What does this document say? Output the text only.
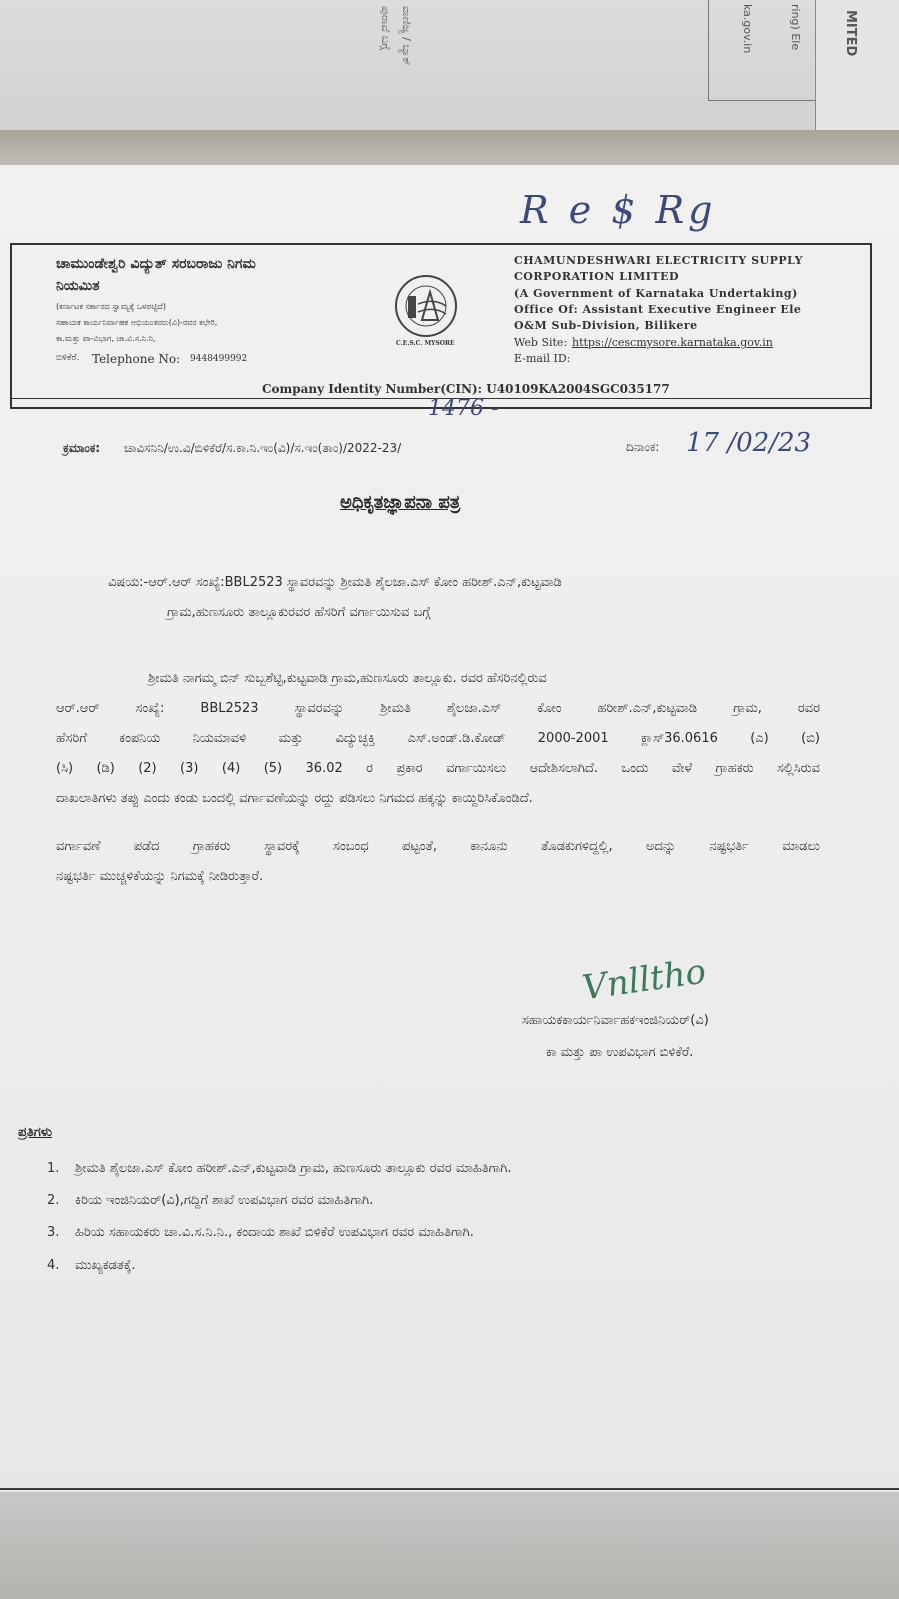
ವಾಣಿಜ್ಯ / ಬ್ಯಾಕ್
ಪುರಾವೆ ಬಗ್ಗೆ	ka.gov.in	ring) Ele	MITED
R e $ Rg
ಚಾಮುಂಡೇಶ್ವರಿ ವಿದ್ಯುತ್ ಸರಬರಾಜು ನಿಗಮ
ನಿಯಮಿತ
(ಕರ್ನಾಟಕ ಸರ್ಕಾರದ ಸ್ವಾಮ್ಯಕ್ಕೆ ಒಳಪಟ್ಟಿದೆ)
ಸಹಾಯಕ ಕಾರ್ಯನಿರ್ವಾಹಕ ಅಭಿಯಂತರರು(ವಿ)-ರವರ ಕಛೇರಿ,
ಕಾ.ಮತ್ತು ಪಾ-ವಿಭಾಗ, ಚಾ.ವಿ.ಸ.ನಿ.ನಿ,
ಬಿಳಿಕೆರೆ. Telephone No: 9448499992
C.E.S.C. MYSORE
CHAMUNDESHWARI ELECTRICITY SUPPLY
CORPORATION LIMITED
(A Government of Karnataka Undertaking)
Office Of: Assistant Executive Engineer Ele
O&M Sub-Division, Bilikere
Web Site: https://cescmysore.karnataka.gov.in
E-mail ID:
Company Identity Number(CIN): U40109KA2004SGC035177
1476 -
ಕ್ರಮಾಂಕ: ಚಾವಿಸನಿನಿ/ಉ.ವಿ/ಬಿಳಿಕೆರೆ/ಸ.ಕಾ.ನಿ.ಇಂ(ವಿ)/ಸ.ಇಂ(ತಾಂ)/2022-23/	ದಿನಾಂಕ: 17 /02/23
ಅಧಿಕೃತಜ್ಞಾಪನಾ ಪತ್ರ
ವಿಷಯ:-ಆರ್.ಆರ್ ಸಂಖ್ಯೆ:BBL2523 ಸ್ಥಾವರವನ್ನು ಶ್ರೀಮತಿ ಶೈಲಜಾ.ಎಸ್ ಕೋಂ ಹರೀಶ್.ಎನ್,ಕುಟ್ಟವಾಡಿ
ಗ್ರಾಮ,ಹುಣಸೂರು ತಾಲ್ಲೂಕುರವರ ಹೆಸರಿಗೆ ವರ್ಗಾಯಿಸುವ ಬಗ್ಗೆ
ಶ್ರೀಮತಿ ನಾಗಮ್ಮ ಬಿನ್ ಸುಬ್ಬಶೆಟ್ಟಿ,ಕುಟ್ಟವಾಡಿ ಗ್ರಾಮ,ಹುಣಸೂರು ತಾಲ್ಲೂಕು. ರವರ ಹೆಸರಿನಲ್ಲಿರುವ
ಆರ್.ಆರ್ ಸಂಖ್ಯೆ: BBL2523 ಸ್ಥಾವರವನ್ನು ಶ್ರೀಮತಿ ಶೈಲಜಾ.ಎಸ್ ಕೋಂ ಹರೀಶ್.ಎನ್,ಕುಟ್ಟವಾಡಿ ಗ್ರಾಮ, ರವರ
ಹೆಸರಿಗೆ ಕಂಪನಿಯ ನಿಯಮಾವಳಿ ಮತ್ತು ವಿದ್ಯುಚ್ಛಕ್ತಿ ಎಸ್.ಅಂಡ್.ಡಿ.ಕೋಡ್ 2000-2001 ಕ್ಲಾಸ್36.0616 (ಎ) (ಬಿ)
(ಸಿ) (ಡಿ) (2) (3) (4) (5) 36.02 ರ ಪ್ರಕಾರ ವರ್ಗಾಯಿಸಲು ಆದೇಶಿಸಲಾಗಿದೆ. ಒಂದು ವೇಳೆ ಗ್ರಾಹಕರು ಸಲ್ಲಿಸಿರುವ
ದಾಖಲಾತಿಗಳು ತಪ್ಪು ಎಂದು ಕಂಡು ಬಂದಲ್ಲಿ ವರ್ಗಾವಣೆಯನ್ನು ರದ್ದು ಪಡಿಸಲು ನಿಗಮದ ಹಕ್ಕನ್ನು ಕಾಯ್ದಿರಿಸಿಕೊಂಡಿದೆ.
ವರ್ಗಾವಣೆ ಪಡೆದ ಗ್ರಾಹಕರು ಸ್ಥಾವರಕ್ಕೆ ಸಂಬಂಧ ಪಟ್ಟಂತೆ, ಕಾನೂನು ತೊಡಕುಗಳಿದ್ದಲ್ಲಿ, ಅದನ್ನು ನಷ್ಟಭರ್ತಿ ಮಾಡಲು
ನಷ್ಟಭರ್ತಿ ಮುಚ್ಚಳಿಕೆಯನ್ನು ನಿಗಮಕ್ಕೆ ನೀಡಿರುತ್ತಾರೆ.
Vnlltho
ಸಹಾಯಕಕಾರ್ಯನಿರ್ವಾಹಕಇಂಜಿನಿಯರ್(ವಿ)
ಕಾ ಮತ್ತು ಪಾ ಉಪವಿಭಾಗ ಬಿಳಿಕೆರೆ.
ಪ್ರತಿಗಳು
1.	ಶ್ರೀಮತಿ ಶೈಲಜಾ.ಎಸ್ ಕೋಂ ಹರೀಶ್.ಎನ್,ಕುಟ್ಟವಾಡಿ ಗ್ರಾಮ, ಹುಣಸೂರು ತಾಲ್ಲೂಕು ರವರ ಮಾಹಿತಿಗಾಗಿ.
2.	ಕಿರಿಯ ಇಂಜಿನಿಯರ್(ವಿ),ಗದ್ದಿಗೆ ಶಾಖೆ ಉಪವಿಭಾಗ ರವರ ಮಾಹಿತಿಗಾಗಿ.
3.	ಹಿರಿಯ ಸಹಾಯಕರು ಚಾ.ವಿ.ಸ.ನಿ.ನಿ., ಕಂದಾಯ ಶಾಖೆ ಬಿಳಿಕೆರೆ ಉಪವಿಭಾಗ ರವರ ಮಾಹಿತಿಗಾಗಿ.
4.	ಮುಖ್ಯಕಡತಕ್ಕೆ.
